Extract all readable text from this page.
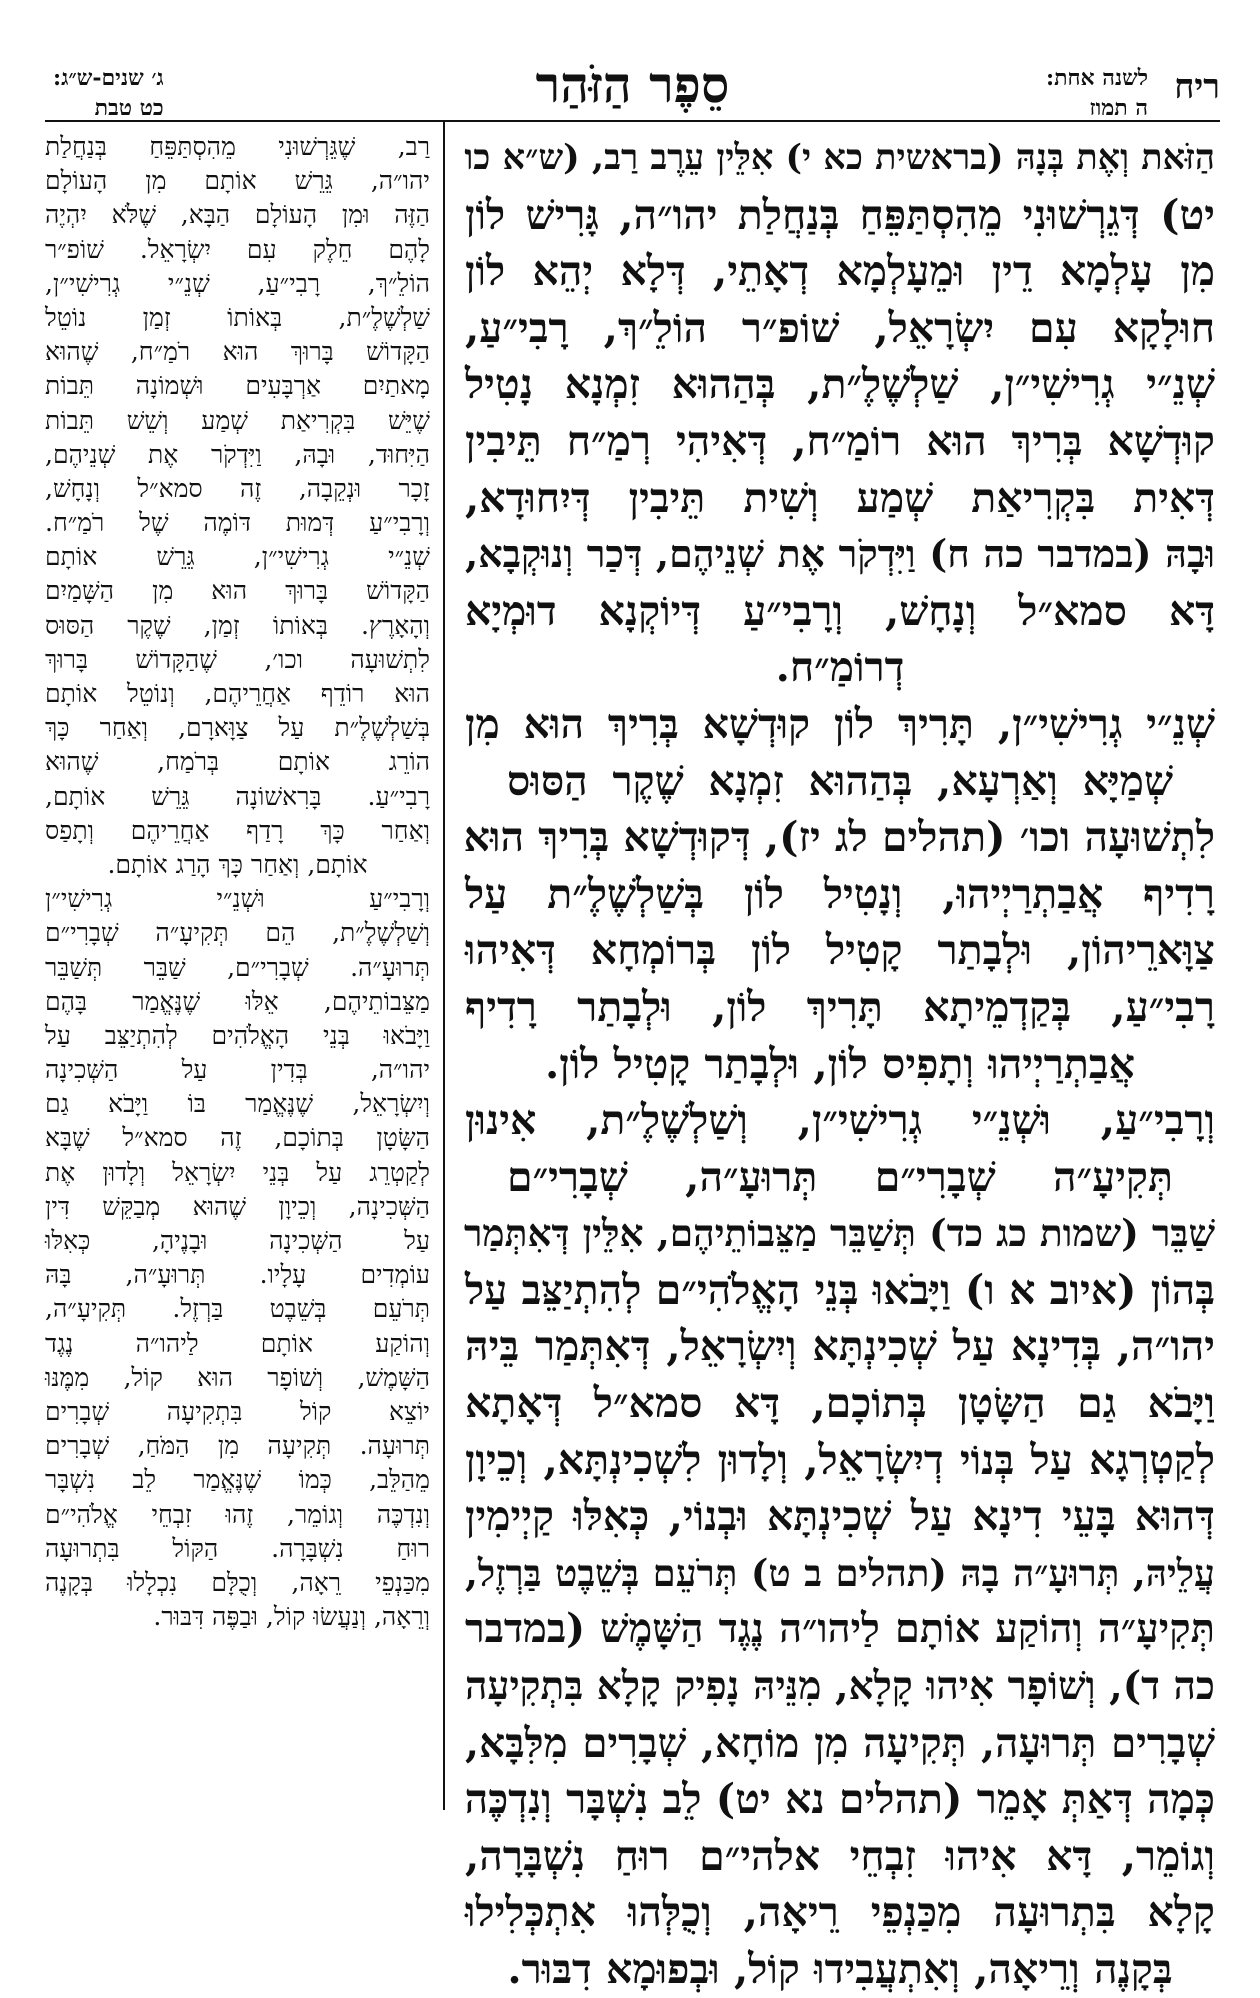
ריח
לשנה אחת:
ה תמוז
סֵפֶר הַזֹּהַר
ג׳ שנים-ש״ג:
כט טבת
הַזֹּאת וְאֶת בְּנָהּ (בראשית כא י) אִלֵּין עֵרֶב רַב, (ש״א כו
יט) דְּגֵרְשׁוּנִי מֵהִסְתַּפֵּחַ בְּנַחֲלַת יהו״ה, גָּרִישׁ לוֹן
מִן עָלְמָא דֵין וּמֵעָלְמָא דְאָתֵי, דְּלָא יְהֵא לוֹן
חוּלָקָא עִם יִשְׂרָאֵל, שׁוֹפ״ר הוֹלֵ״ךְ, רָבִי״עַ,
שְׁנֵ״י גְרִישִׁי״ן, שַׁלְשֶׁלֶ״ת, בְּהַהוּא זִמְנָא נָטִיל
קוּדְשָׁא בְּרִיךְ הוּא רוֹמַ״ח, דְּאִיהִי רְמַ״ח תֵּיבִין
דְּאִית בִּקְרִיאַת שְׁמַע וְשִׁית תֵּיבִין דְּיִחוּדָא,
וּבָהּ (במדבר כה ח) וַיִּדְקֹר אֶת שְׁנֵיהֶם, דְּכַר וְנוּקְבָא,
דָּא סמא״ל וְנָחָשׁ, וְרָבִי״עַ דְּיוֹקְנָא דוּמְיָא
דְרוֹמַ״ח.
שְׁנֵ״י גְרִישִׁי״ן, תָּרִיךְ לוֹן קוּדְשָׁא בְּרִיךְ הוּא מִן
שְׁמַיָּא וְאַרְעָא, בְּהַהוּא זִמְנָא שֶׁקֶר הַסּוּס
לִתְשׁוּעָה וכו׳ (תהלים לג יז), דְּקוּדְשָׁא בְּרִיךְ הוּא
רָדִיף אֲבַתְרַיְיהוּ, וְנָטִיל לוֹן בְּשַׁלְשֶׁלֶ״ת עַל
צַוָּארֵיהוֹן, וּלְבָתַר קָטִיל לוֹן בְּרוֹמְחָא דְּאִיהוּ
רָבִי״עַ, בְּקַדְמֵיתָא תָּרִיךְ לוֹן, וּלְבָתַר רָדִיף
אֲבַתְרַיְיהוּ וְתָפִיס לוֹן, וּלְבָתַר קָטִיל לוֹן.
וְרָבִי״עַ, וּשְׁנֵ״י גְרִישִׁי״ן, וְשַׁלְשֶׁלֶ״ת, אִינוּן
תְּקִיעָ״ה שְׁבָרִי״ם תְּרוּעָ״ה, שְׁבָרִי״ם
שַׁבֵּר (שמות כג כד) תְּשַׁבֵּר מַצֵּבוֹתֵיהֶם, אִלֵּין דְּאִתְּמַר
בְּהוֹן (איוב א ו) וַיָּבֹאוּ בְּנֵי הָאֱלֹהִי״ם לְהִתְיַצֵּב עַל
יהו״ה, בְּדִינָא עַל שְׁכִינְתָּא וְיִשְׂרָאֵל, דְּאִתְּמַר בֵּיהּ
וַיָּבֹא גַם הַשָּׂטָן בְּתוֹכָם, דָּא סמא״ל דְּאָתָא
לְקַטְרְגָא עַל בְּנוֹי דְיִשְׂרָאֵל, וְלָדוּן לִשְׁכִינְתָּא, וְכֵיוָן
דְּהוּא בָּעֵי דִינָא עַל שְׁכִינְתָּא וּבְנוֹי, כְּאִלּוּ קַיְימִין
עֲלֵיהּ, תְּרוּעָ״ה בָהּ (תהלים ב ט) תְּרֹעֵם בְּשֵׁבֶט בַּרְזֶל,
תְּקִיעָ״ה וְהוֹקַע אוֹתָם לַיהו״ה נֶגֶד הַשָּׁמֶשׁ (במדבר
כה ד), וְשׁוֹפָר אִיהוּ קָלָא, מִנֵּיהּ נָפִיק קָלָא בִּתְקִיעָה
שְׁבָרִים תְּרוּעָה, תְּקִיעָה מִן מוֹחָא, שְׁבָרִים מִלִּבָּא,
כְּמָה דְּאַתְּ אָמֵר (תהלים נא יט) לֵב נִשְׁבָּר וְנִדְכֶּה
וְגוֹמֵר, דָּא אִיהוּ זִבְחֵי אלהי״ם רוּחַ נִשְׁבָּרָה,
קָלָא בִּתְרוּעָה מִכַּנְפֵי רֵיאָה, וְכֻלְּהוּ אִתְכְּלִילוּ
בְּקָנֶה וְרֵיאָה, וְאִתְעֲבִידוּ קוֹל, וּבְפוּמָא דִבּוּר.
רַב, שֶׁגֵּרְשׁוּנִי מֵהִסְתַּפֵּחַ בְּנַחֲלַת
יהו״ה, גֵּרֵשׁ אוֹתָם מִן הָעוֹלָם
הַזֶּה וּמִן הָעוֹלָם הַבָּא, שֶׁלֹּא יִהְיֶה
לָהֶם חֵלֶק עִם יִשְׂרָאֵל. שׁוֹפ״ר
הוֹלֵ״ךְ, רָבִי״עַ, שְׁנֵ״י גְרִישִׁי״ן,
שַׁלְשֶׁלֶ״ת, בְּאוֹתוֹ זְמַן נוֹטֵל
הַקָּדוֹשׁ בָּרוּךְ הוּא רֹמַ״ח, שֶׁהוּא
מָאתַיִם אַרְבָּעִים וּשְׁמוֹנָה תֵּבוֹת
שֶׁיֵּשׁ בִּקְרִיאַת שְׁמַע וְשֵׁשׁ תֵּבוֹת
הַיִּחוּד, וּבָהּ, וַיִּדְקֹר אֶת שְׁנֵיהֶם,
זָכָר וּנְקֵבָה, זֶה סמא״ל וְנָחָשׁ,
וְרָבִי״עַ דְּמוּת דּוֹמֶה שֶׁל רֹמַ״ח.
שְׁנֵ״י גְרִישִׁי״ן, גֵּרֵשׁ אוֹתָם
הַקָּדוֹשׁ בָּרוּךְ הוּא מִן הַשָּׁמַיִם
וְהָאָרֶץ. בְּאוֹתוֹ זְמַן, שֶׁקֶר הַסּוּס
לִתְשׁוּעָה וכו׳, שֶׁהַקָּדוֹשׁ בָּרוּךְ
הוּא רוֹדֵף אַחֲרֵיהֶם, וְנוֹטֵל אוֹתָם
בְּשַׁלְשֶׁלֶ״ת עַל צַוָּארָם, וְאַחַר כָּךְ
הוֹרֵג אוֹתָם בְּרֹמַח, שֶׁהוּא
רָבִי״עַ. בָּרִאשׁוֹנָה גֵּרֵשׁ אוֹתָם,
וְאַחַר כָּךְ רָדַף אַחֲרֵיהֶם וְתָפַס
אוֹתָם, וְאַחַר כָּךְ הָרַג אוֹתָם.
וְרָבִי״עַ וּשְׁנֵ״י גְרִישִׁי״ן
וְשַׁלְשֶׁלֶ״ת, הֵם תְּקִיעָ״ה שְׁבָרִי״ם
תְּרוּעָ״ה. שְׁבָרִי״ם, שַׁבֵּר תְּשַׁבֵּר
מַצֵּבוֹתֵיהֶם, אֵלּוּ שֶׁנֶּאֱמַר בָּהֶם
וַיָּבֹאוּ בְּנֵי הָאֱלֹהִים לְהִתְיַצֵּב עַל
יהו״ה, בְּדִין עַל הַשְּׁכִינָה
וְיִשְׂרָאֵל, שֶׁנֶּאֱמַר בּוֹ וַיָּבֹא גַם
הַשָּׂטָן בְּתוֹכָם, זֶה סמא״ל שֶׁבָּא
לְקַטְרֵג עַל בְּנֵי יִשְׂרָאֵל וְלָדוּן אֶת
הַשְּׁכִינָה, וְכֵיוָן שֶׁהוּא מְבַקֵּשׁ דִּין
עַל הַשְּׁכִינָה וּבָנֶיהָ, כְּאִלּוּ
עוֹמְדִים עָלָיו. תְּרוּעָ״ה, בָּהּ
תְּרֹעֵם בְּשֵׁבֶט בַּרְזֶל. תְּקִיעָ״ה,
וְהוֹקַע אוֹתָם לַיהו״ה נֶגֶד
הַשָּׁמֶשׁ, וְשׁוֹפָר הוּא קוֹל, מִמֶּנּוּ
יוֹצֵא קוֹל בִּתְקִיעָה שְׁבָרִים
תְּרוּעָה. תְּקִיעָה מִן הַמֹּחַ, שְׁבָרִים
מֵהַלֵּב, כְּמוֹ שֶׁנֶּאֱמַר לֵב נִשְׁבָּר
וְנִדְכֶּה וְגוֹמֵר, זֶהוּ זִבְחֵי אֱלֹהִי״ם
רוּחַ נִשְׁבָּרָה. הַקּוֹל בִּתְרוּעָה
מִכַּנְפֵי רֵאָה, וְכֻלָּם נִכְלָלוּ בְּקָנֶה
וְרֵאָה, וְנַעֲשׂוּ קוֹל, וּבַפֶּה דִּבּוּר.
